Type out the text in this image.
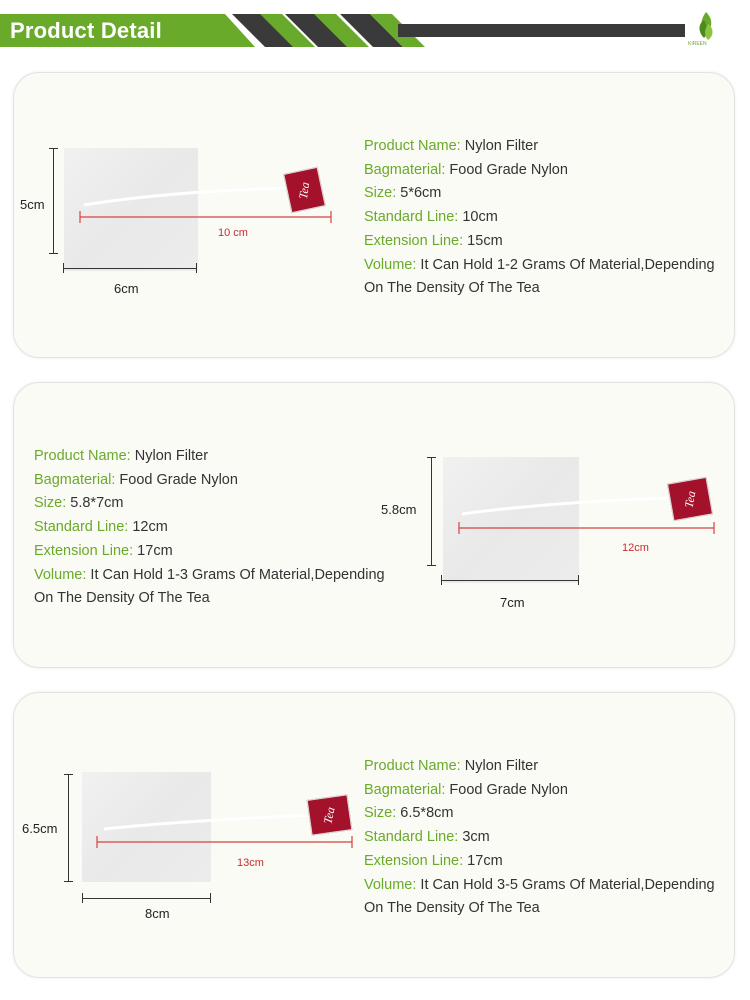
Product Detail
KIREEN
5cm
6cm
10 cm
Tea
Product Name: Nylon Filter
Bagmaterial: Food Grade Nylon
Size: 5*6cm
Standard Line: 10cm
Extension Line: 15cm
Volume: It Can Hold 1-2 Grams Of Material,Depending
On The Density Of The Tea
Product Name: Nylon Filter
Bagmaterial: Food Grade Nylon
Size: 5.8*7cm
Standard Line: 12cm
Extension Line: 17cm
Volume: It Can Hold 1-3 Grams Of Material,Depending
On The Density Of The Tea
5.8cm
7cm
12cm
Tea
6.5cm
8cm
13cm
Tea
Product Name: Nylon Filter
Bagmaterial: Food Grade Nylon
Size: 6.5*8cm
Standard Line: 3cm
Extension Line: 17cm
Volume: It Can Hold 3-5 Grams Of Material,Depending
On The Density Of The Tea
